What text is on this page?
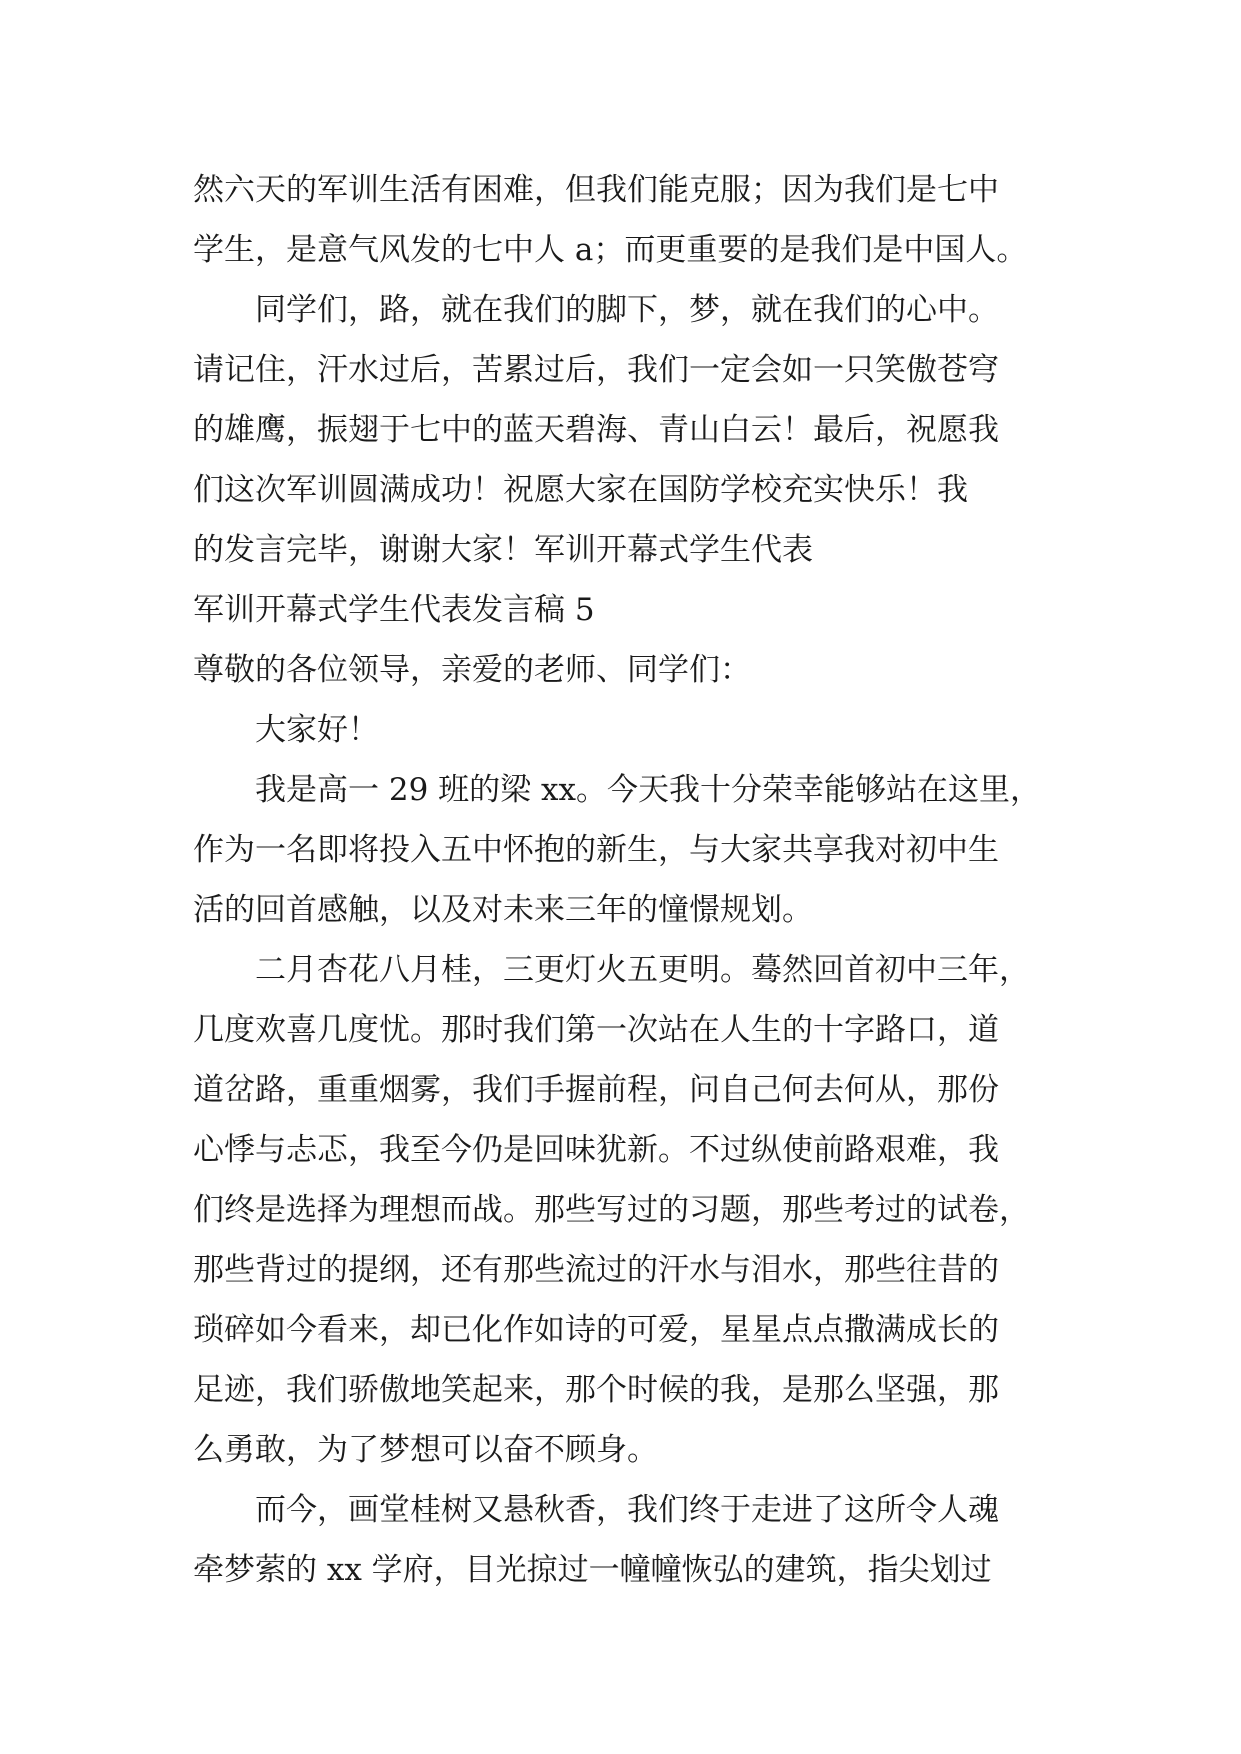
然六天的军训生活有困难，但我们能克服；因为我们是七中
学生，是意气风发的七中人 a；而更重要的是我们是中国人。
同学们，路，就在我们的脚下，梦，就在我们的心中。
请记住，汗水过后，苦累过后，我们一定会如一只笑傲苍穹
的雄鹰，振翅于七中的蓝天碧海、青山白云！最后，祝愿我
们这次军训圆满成功！祝愿大家在国防学校充实快乐！我
的发言完毕，谢谢大家！军训开幕式学生代表
军训开幕式学生代表发言稿 5
尊敬的各位领导，亲爱的老师、同学们：
大家好！
我是高一 29 班的梁 xx。今天我十分荣幸能够站在这里，
作为一名即将投入五中怀抱的新生，与大家共享我对初中生
活的回首感触，以及对未来三年的憧憬规划。
二月杏花八月桂，三更灯火五更明。蓦然回首初中三年，
几度欢喜几度忧。那时我们第一次站在人生的十字路口，道
道岔路，重重烟雾，我们手握前程，问自己何去何从，那份
心悸与忐忑，我至今仍是回味犹新。不过纵使前路艰难，我
们终是选择为理想而战。那些写过的习题，那些考过的试卷，
那些背过的提纲，还有那些流过的汗水与泪水，那些往昔的
琐碎如今看来，却已化作如诗的可爱，星星点点撒满成长的
足迹，我们骄傲地笑起来，那个时候的我，是那么坚强，那
么勇敢，为了梦想可以奋不顾身。
而今，画堂桂树又悬秋香，我们终于走进了这所令人魂
牵梦萦的 xx 学府，目光掠过一幢幢恢弘的建筑，指尖划过
